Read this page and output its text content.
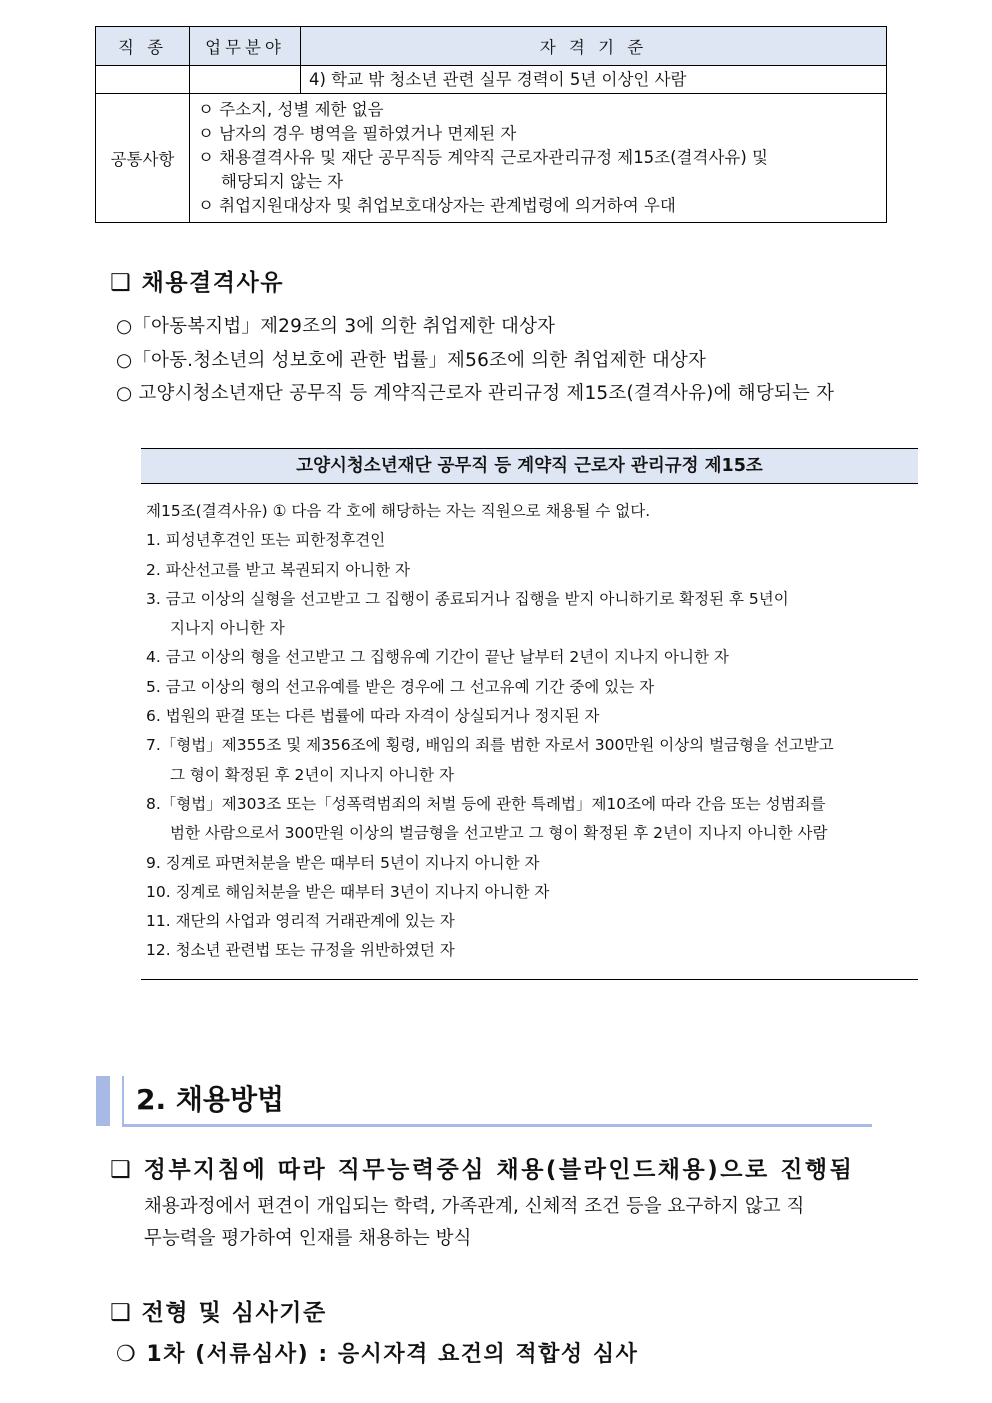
직 종	업무분야	자 격 기 준
		4) 학교 밖 청소년 관련 실무 경력이 5년 이상인 사람
공통사항	ㅇ 주소지, 성별 제한 없음
ㅇ 남자의 경우 병역을 필하였거나 면제된 자
ㅇ 채용결격사유 및 재단 공무직등 계약직 근로자관리규정 제15조(결격사유) 및
해당되지 않는 자
ㅇ 취업지원대상자 및 취업보호대상자는 관계법령에 의거하여 우대	
❑ 채용결격사유
○「아동복지법」제29조의 3에 의한 취업제한 대상자
○「아동.청소년의 성보호에 관한 법률」제56조에 의한 취업제한 대상자
○ 고양시청소년재단 공무직 등 계약직근로자 관리규정 제15조(결격사유)에 해당되는 자
고양시청소년재단 공무직 등 계약직 근로자 관리규정 제15조
제15조(결격사유) ① 다음 각 호에 해당하는 자는 직원으로 채용될 수 없다.
1. 피성년후견인 또는 피한정후견인
2. 파산선고를 받고 복권되지 아니한 자
3. 금고 이상의 실형을 선고받고 그 집행이 종료되거나 집행을 받지 아니하기로 확정된 후 5년이
지나지 아니한 자
4. 금고 이상의 형을 선고받고 그 집행유예 기간이 끝난 날부터 2년이 지나지 아니한 자
5. 금고 이상의 형의 선고유예를 받은 경우에 그 선고유예 기간 중에 있는 자
6. 법원의 판결 또는 다른 법률에 따라 자격이 상실되거나 정지된 자
7.「형법」제355조 및 제356조에 횡령, 배임의 죄를 범한 자로서 300만원 이상의 벌금형을 선고받고
그 형이 확정된 후 2년이 지나지 아니한 자
8.「형법」제303조 또는「성폭력범죄의 처벌 등에 관한 특례법」제10조에 따라 간음 또는 성범죄를
범한 사람으로서 300만원 이상의 벌금형을 선고받고 그 형이 확정된 후 2년이 지나지 아니한 사람
9. 징계로 파면처분을 받은 때부터 5년이 지나지 아니한 자
10. 징계로 해임처분을 받은 때부터 3년이 지나지 아니한 자
11. 재단의 사업과 영리적 거래관계에 있는 자
12. 청소년 관련법 또는 규정을 위반하였던 자
2. 채용방법
❑ 정부지침에 따라 직무능력중심 채용(블라인드채용)으로 진행됨
채용과정에서 편견이 개입되는 학력, 가족관계, 신체적 조건 등을 요구하지 않고 직
무능력을 평가하여 인재를 채용하는 방식
❑ 전형 및 심사기준
❍ 1차 (서류심사) : 응시자격 요건의 적합성 심사
